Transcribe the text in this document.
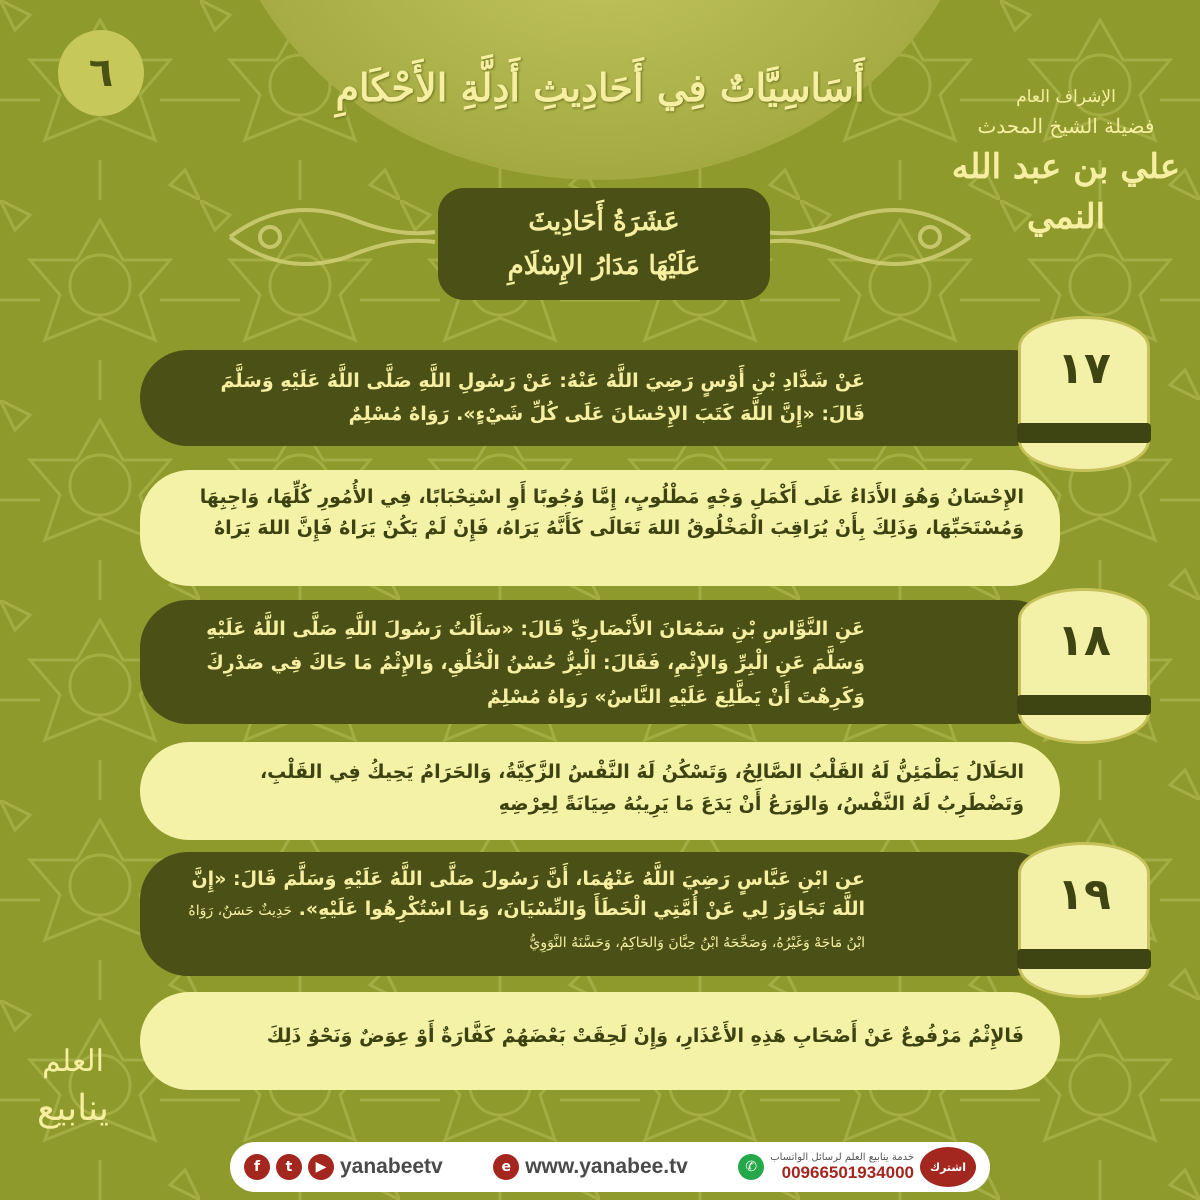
٦	أَسَاسِيَّاتٌ فِي أَحَادِيثِ أَدِلَّةِ الأَحْكَامِ	الإشراف العام
فضيلة الشيخ المحدث
علي بن عبد الله النمي
عَشَرَةُ أَحَادِيثَ
عَلَيْهَا مَدَارُ الإِسْلَامِ
عَنْ شَدَّادِ بْنِ أَوْسٍ رَضِيَ اللَّهُ عَنْهُ: عَنْ رَسُولِ اللَّهِ صَلَّى اللَّهُ عَلَيْهِ وَسَلَّمَ قَالَ: «إِنَّ اللَّهَ كَتَبَ الإِحْسَانَ عَلَى كُلِّ شَيْءٍ». رَوَاهُ مُسْلِمٌ
١٧
الإِحْسَانُ وَهُوَ الأَدَاءُ عَلَى أَكْمَلِ وَجْهٍ مَطْلُوبٍ، إِمَّا وُجُوبًا أَوِ اسْتِحْبَابًا، فِي الأُمُورِ كُلِّهَا، وَاجِبِهَا وَمُسْتَحَبِّهَا، وَذَلِكَ بِأَنْ يُرَاقِبَ الْمَخْلُوقُ اللهَ تَعَالَى كَأَنَّهُ يَرَاهُ، فَإِنْ لَمْ يَكُنْ يَرَاهُ فَإِنَّ اللهَ يَرَاهُ
عَنِ النَّوَّاسِ بْنِ سَمْعَانَ الأَنْصَارِيِّ قَالَ: «سَأَلْتُ رَسُولَ اللَّهِ صَلَّى اللَّهُ عَلَيْهِ وَسَلَّمَ عَنِ الْبِرِّ وَالإِثْمِ، فَقَالَ: الْبِرُّ حُسْنُ الْخُلُقِ، وَالإِثْمُ مَا حَاكَ فِي صَدْرِكَ وَكَرِهْتَ أَنْ يَطَّلِعَ عَلَيْهِ النَّاسُ» رَوَاهُ مُسْلِمٌ
١٨
الحَلَالُ يَطْمَئِنُّ لَهُ القَلْبُ الصَّالِحُ، وَتَسْكُنُ لَهُ النَّفْسُ الزَّكِيَّةُ، وَالحَرَامُ يَحِيكُ فِي القَلْبِ، وَتَضْطَرِبُ لَهُ النَّفْسُ، وَالوَرَعُ أَنْ يَدَعَ مَا يَرِيبُهُ صِيَانَةً لِعِرْضِهِ
عن ابْنِ عَبَّاسٍ رَضِيَ اللَّهُ عَنْهُمَا، أَنَّ رَسُولَ صَلَّى اللَّهُ عَلَيْهِ وَسَلَّمَ قَالَ: «إِنَّ اللَّهَ تَجَاوَزَ لِي عَنْ أُمَّتِي الْخَطَأَ وَالنِّسْيَانَ، وَمَا اسْتُكْرِهُوا عَلَيْهِ». حَدِيثٌ حَسَنٌ، رَوَاهُ ابْنُ مَاجَهْ وَغَيْرُهُ، وَصَحَّحَهُ ابْنُ حِبَّانَ وَالحَاكِمُ، وَحَسَّنَهُ النَّوَوِيُّ
١٩
فَالإِثْمُ مَرْفُوعٌ عَنْ أَصْحَابِ هَذِهِ الأَعْذَارِ، وَإِنْ لَحِقَتْ بَعْضَهُمْ كَفَّارَةٌ أَوْ عِوَضٌ وَنَحْوُ ذَلِكَ
العلم
ينابيع
f	t	▶ yanabeetv	e www.yanabee.tv	✆
خدمة ينابيع العلم لرسائل الواتساب
00966501934000	اشترك
